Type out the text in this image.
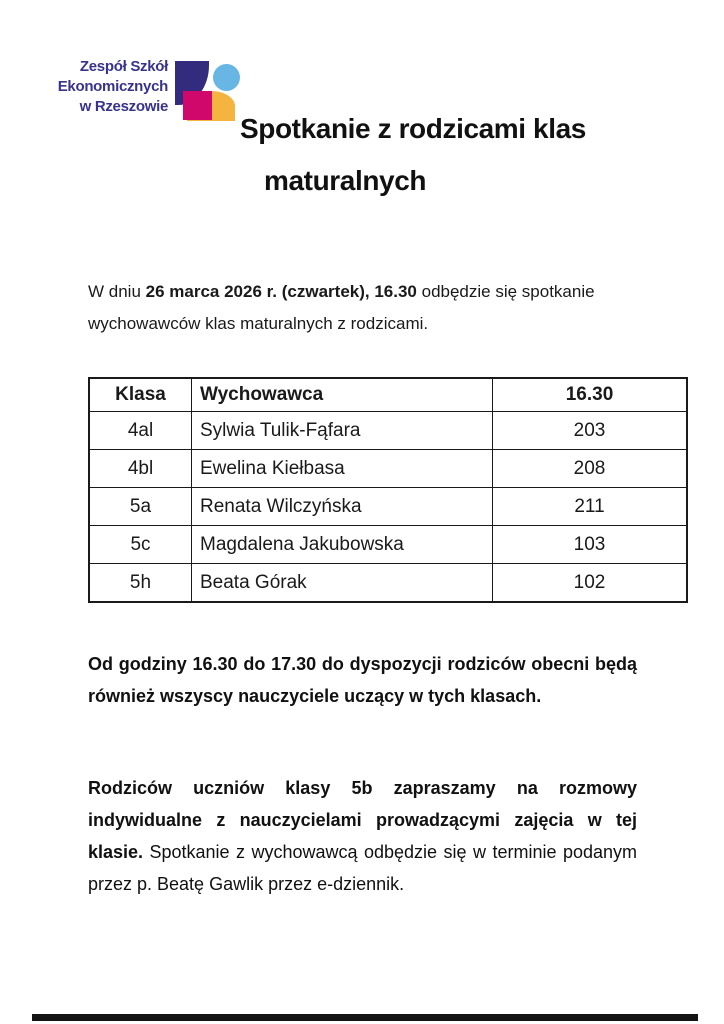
Zespół Szkół
Ekonomicznych
w Rzeszowie
Spotkanie z rodzicami klas maturalnych

W dniu 26 marca 2026 r. (czwartek), 16.30 odbędzie się spotkanie wychowawców klas maturalnych z rodzicami.

Klasa	Wychowawca	16.30
4al	Sylwia Tulik-Fąfara	203
4bl	Ewelina Kiełbasa	208
5a	Renata Wilczyńska	211
5c	Magdalena Jakubowska	103
5h	Beata Górak	102

Od godziny 16.30 do 17.30 do dyspozycji rodziców obecni będą również wszyscy nauczyciele uczący w tych klasach.

Rodziców uczniów klasy 5b zapraszamy na rozmowy indywidualne z nauczycielami prowadzącymi zajęcia w tej klasie. Spotkanie z wychowawcą odbędzie się w terminie podanym przez p. Beatę Gawlik przez e-dziennik.
